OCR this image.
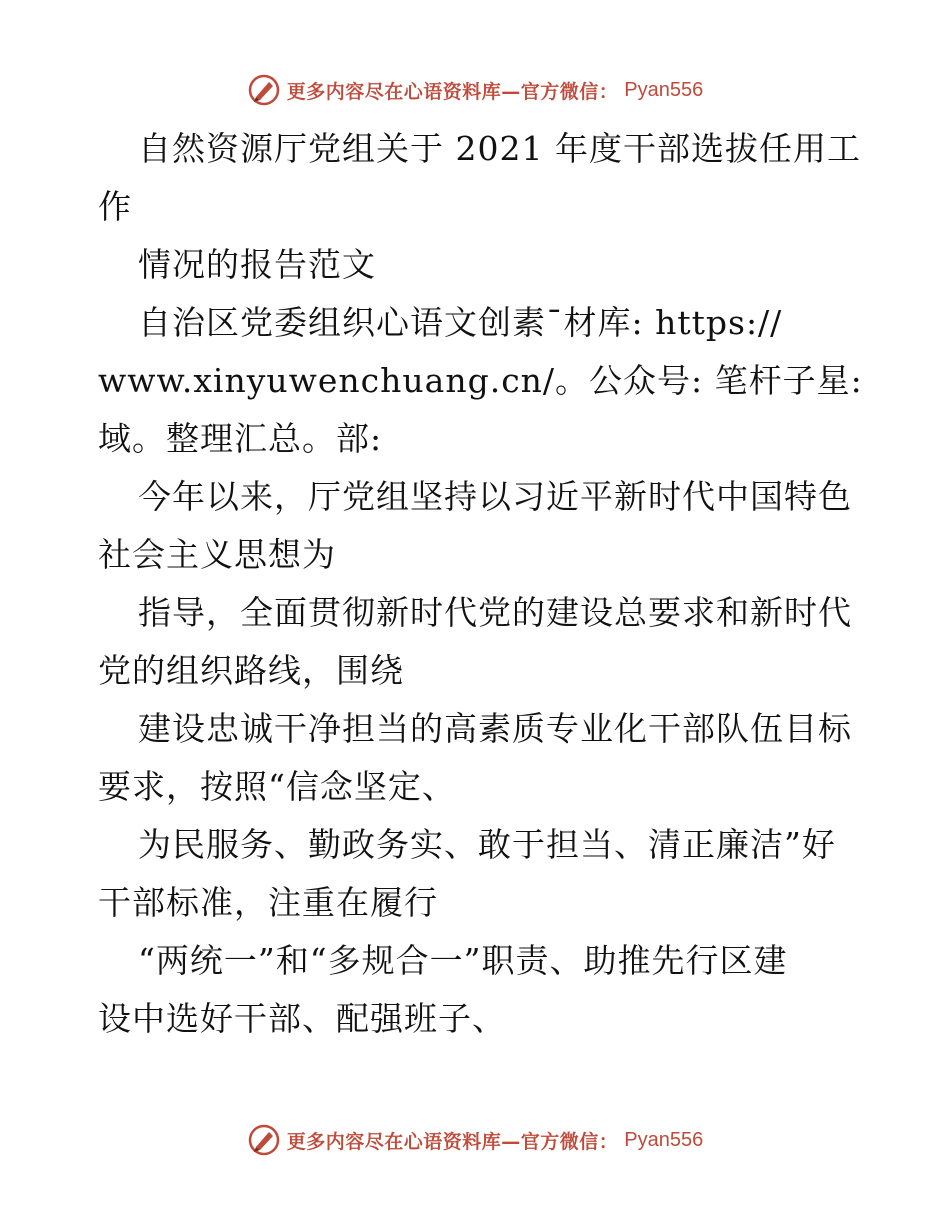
更多内容尽在心语资料库—官方微信： Pyan556
自然资源厅党组关于 2021 年度干部选拔任用工
作
情况的报告范文
自治区党委组织心语文创素¯材库: https://
www.xinyuwenchuang.cn/。公众号: 笔杆子星:
域。整理汇总。部:
今年以来，厅党组坚持以习近平新时代中国特色
社会主义思想为
指导，全面贯彻新时代党的建设总要求和新时代
党的组织路线，围绕
建设忠诚干净担当的高素质专业化干部队伍目标
要求，按照“信念坚定、
为民服务、勤政务实、敢于担当、清正廉洁”好
干部标准，注重在履行
“两统一”和“多规合一”职责、助推先行区建
设中选好干部、配强班子、
更多内容尽在心语资料库—官方微信： Pyan556
